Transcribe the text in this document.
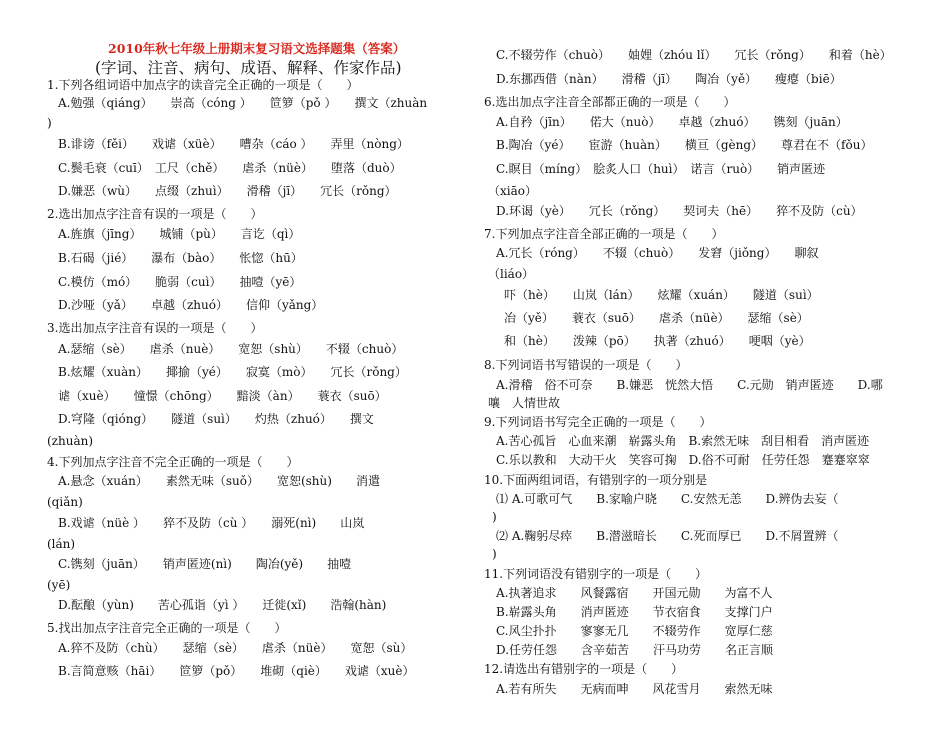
2010年秋七年级上册期末复习语文选择题集（答案）
(字词、注音、病句、成语、解释、作家作品)
1.下列各组词语中加点字的读音完全正确的一项是（　　）
A.勉强（qiáng）　　崇高（cóng ）　　笸箩（pǒ ）　　撰文（zhuàn
)
B.诽谤（fěi）　　戏谑（xüè）　　嘈杂（cáo ）　　弄里（nòng）
C.鬓毛衰（cuī）　工尺（chě）　　虐杀（nüè）　　堕落（duò）
D.嫌恶（wù）　　点缀（zhuì）　　滑稽（jī）　　冗长（rǒng）
2.选出加点字注音有误的一项是（　　）
A.旌旗（jīng）　　城铺（pù）　　言讫（qì）
B.石碣（jié）　　瀑布（bào）　　怅惚（hū）
C.模仿（mó）　　脆弱（cuì）　　抽噎（yē）
D.沙哑（yǎ）　　卓越（zhuó）　　信仰（yǎng）
3.选出加点字注音有误的一项是（　　）
A.瑟缩（sè）　　虐杀（nuè）　　宽恕（shù）　　不辍（chuò）
B.炫耀（xuàn）　　揶揄（yé）　　寂寞（mò）　　冗长（rǒng）
谑（xuè）　　憧憬（chōng）　　黯淡（àn）　　蓑衣（suō）
D.穹隆（qióng）　　隧道（suì）　　灼热（zhuó）　　撰文
(zhuàn)
4.下列加点字注音不完全正确的一项是（　　）
A.悬念（xuán）　　素然无味（suǒ）　　宽恕(shù)　　消遣
(qiǎn)
B.戏谑（nüè ）　　猝不及防（cù ）　　溺死(nì)　　山岚
(lán)
C.镌刻（juān）　　销声匿迹(nì)　　陶冶(yě)　　抽噎
(yē)
D.酝酿（yùn)　　苦心孤诣（yì ）　　迁徙(xǐ)　　浩翰(hàn)
5.找出加点字注音完全正确的一项是（　　）
A.猝不及防（chù）　　瑟缩（sè）　　虐杀（nüè）　　宽恕（sù）
B.言简意赅（hāi）　　笸箩（pǒ）　　堆砌（qiè）　　戏谑（xuè）
C.不辍劳作（chuò）　　妯娌（zhóu lǐ）　　冗长（rǒng）　　和着（hè）
D.东挪西借（nàn）　　滑稽（jī）　　陶冶（yě）　　瘦瘪（biē）
6.选出加点字注音全部都正确的一项是（　　）
A.自矜（jīn）　　偌大（nuò）　　卓越（zhuó）　　镌刻（juān）
B.陶冶（yé）　　宦游（huàn）　　横亘（gèng）　　尊君在不（fǒu）
C.瞑目（míng）　脍炙人口（huì）　诺言（ruò）　　销声匿迹
（xiāo）
D.环谒（yè）　　冗长（rǒng）　　契诃夫（hē）　　猝不及防（cù）
7.下列加点字注音全部正确的一项是（　　）
A.冗长（róng）　　不辍（chuò）　　发窘（jiǒng）　　聊叙
（liáo）
吓（hè）　　山岚（lán）　　炫耀（xuán）　　隧道（suì）
冶（yě）　　蓑衣（suō）　　虐杀（nüè）　　瑟缩（sè）
和（hè）　　泼辣（pō）　　执著（zhuó）　　哽咽（yè）
8.下列词语书写错误的一项是（　　）
A.滑稽　俗不可奈　　B.嫌恶　恍然大悟　　C.元勋　销声匿迹　　D.哪
嚷　人情世故
9.下列词语书写完全正确的一项是（　　）
A.苦心孤旨　心血来潮　崭露头角　B.索然无味　刮目相看　消声匿迹
C.乐以教和　大动干火　笑容可掬　D.俗不可耐　任劳任怨　蹇蹇窣窣
10.下面两组词语，有错别字的一项分别是
⑴ A.可歌可气　　B.家喻户晓　　C.安然无恙　　D.辨伪去妄（
)
⑵ A.鞠躬尽瘁　　B.潜滋暗长　　C.死而厚已　　D.不屑置辨（
)
11.下列词语没有错别字的一项是（　　）
A.执著追求　　风餐露宿　　开国元勋　　为富不人
B.崭露头角　　消声匿迹　　节衣宿食　　支撑门户
C.风尘扑扑　　寥寥无几　　不辍劳作　　宽厚仁慈
D.任劳任怨　　含辛茹苦　　汗马功劳　　名正言顺
12.请选出有错别字的一项是（　　）
A.若有所失　　无病而呻　　风花雪月　　索然无味
